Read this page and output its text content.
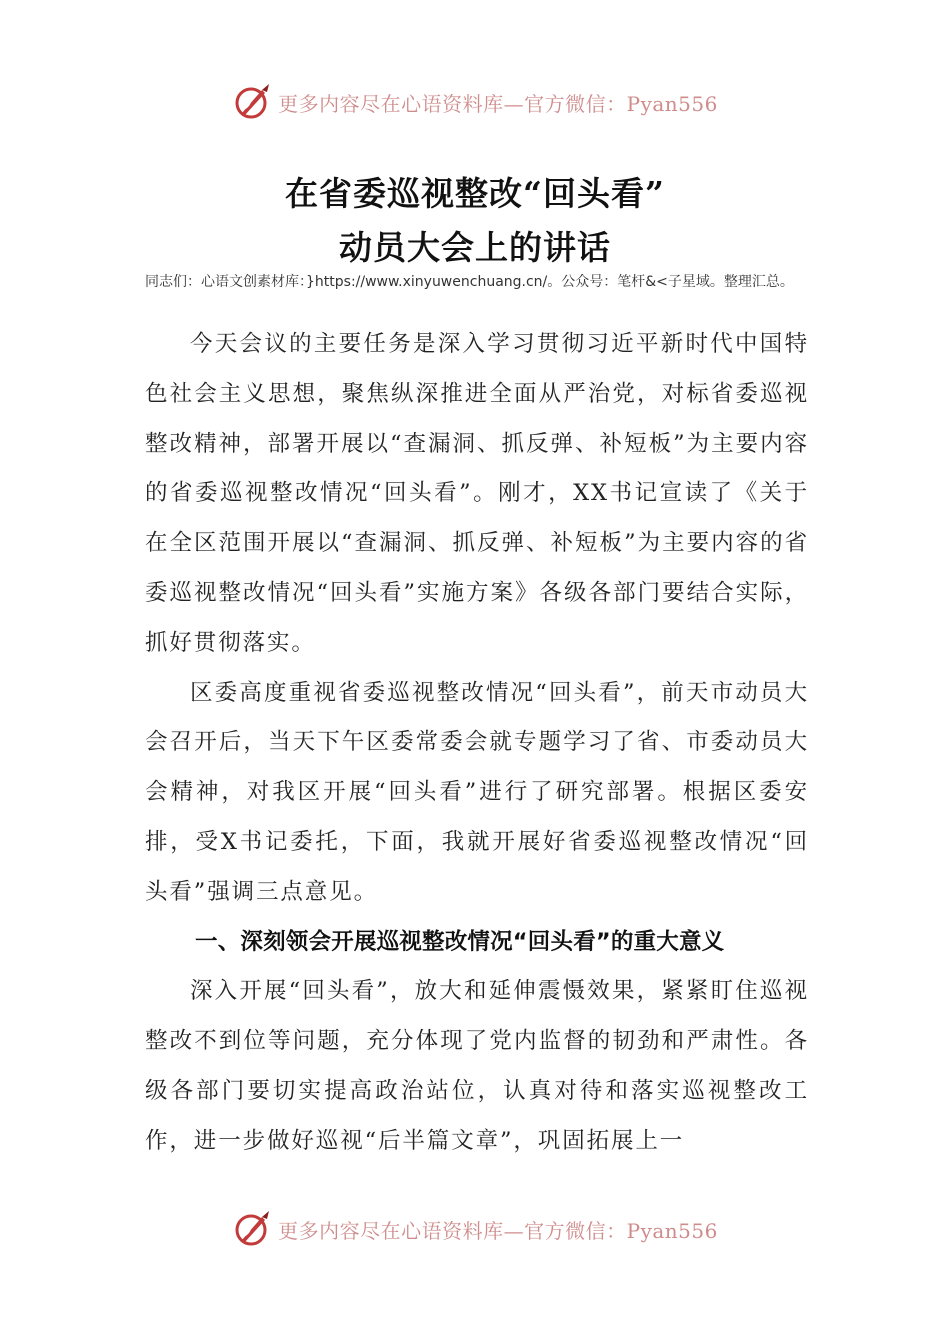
更多内容尽在心语资料库—官方微信：Pyan556
在省委巡视整改“回头看”
动员大会上的讲话
同志们：心语文创素材库：}https://www.xinyuwenchuang.cn/。公众号：笔杆&<子星域。整理汇总。

今天会议的主要任务是深入学习贯彻习近平新时代中国特色社会主义思想，聚焦纵深推进全面从严治党，对标省委巡视整改精神，部署开展以“查漏洞、抓反弹、补短板”为主要内容的省委巡视整改情况“回头看”。刚才，XX书记宣读了《关于在全区范围开展以“查漏洞、抓反弹、补短板”为主要内容的省委巡视整改情况“回头看”实施方案》各级各部门要结合实际，抓好贯彻落实。

区委高度重视省委巡视整改情况“回头看”，前天市动员大会召开后，当天下午区委常委会就专题学习了省、市委动员大会精神，对我区开展“回头看”进行了研究部署。根据区委安排，受X书记委托，下面，我就开展好省委巡视整改情况“回头看”强调三点意见。

一、深刻领会开展巡视整改情况“回头看”的重大意义

深入开展“回头看”，放大和延伸震慑效果，紧紧盯住巡视整改不到位等问题，充分体现了党内监督的韧劲和严肃性。各级各部门要切实提高政治站位，认真对待和落实巡视整改工作，进一步做好巡视“后半篇文章”，巩固拓展上一

更多内容尽在心语资料库—官方微信：Pyan556
